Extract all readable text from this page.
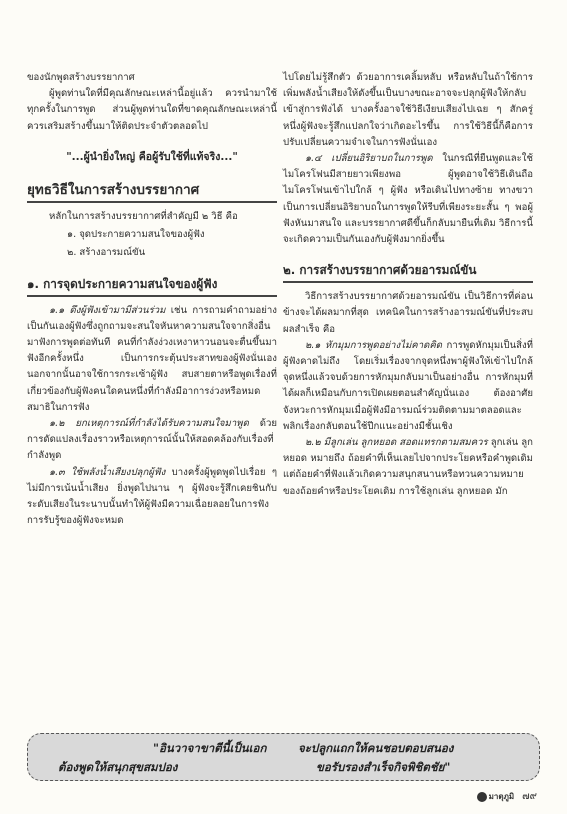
ของนักพูดสร้างบรรยากาศ

ผู้พูดท่านใดที่มีคุณลักษณะเหล่านี้อยู่แล้ว ควรนำมาใช้ทุกครั้งในการพูด ส่วนผู้พูดท่านใดที่ขาดคุณลักษณะเหล่านี้ควรเสริมสร้างขึ้นมาให้ติดประจำตัวตลอดไป

"...ผู้นำยิ่งใหญ่ คือผู้รับใช้ที่แท้จริง..."
ยุทธวิธีในการสร้างบรรยากาศ

หลักในการสร้างบรรยากาศที่สำคัญมี ๒ วิธี คือ

๑. จุดประกายความสนใจของผู้ฟัง
๒. สร้างอารมณ์ขัน
๑. การจุดประกายความสนใจของผู้ฟัง

๑.๑ ดึงผู้ฟังเข้ามามีส่วนร่วม เช่น การถามคำถามอย่างเป็นกันเองผู้ฟังซึ่งถูกถามจะสนใจหันหาความสนใจจากสิ่งอื่นมาฟังการพูดต่อทันที คนที่กำลังง่วงเหงาหาวนอนจะตื่นขึ้นมาฟังอีกครั้งหนึ่ง เป็นการกระตุ้นประสาทของผู้ฟังนั่นเอง นอกจากนั้นอาจใช้การกระเซ้าผู้ฟัง สบสายตาหรือพูดเรื่องที่เกี่ยวข้องกับผู้ฟังคนใดคนหนึ่งที่กำลังมีอาการง่วงหรือหมดสมาธิในการฟัง

๑.๒ ยกเหตุการณ์ที่กำลังได้รับความสนใจมาพูด ด้วยการดัดแปลงเรื่องราวหรือเหตุการณ์นั้นให้สอดคล้องกับเรื่องที่กำลังพูด

๑.๓ ใช้พลังน้ำเสียงปลุกผู้ฟัง บางครั้งผู้พูดพูดไปเรื่อย ๆ ไม่มีการเน้นน้ำเสียง ยิ่งพูดไปนาน ๆ ผู้ฟังจะรู้สึกเคยชินกับระดับเสียงในระนาบนั้นทำให้ผู้ฟังมีความเฉื่อยลอยในการฟัง การรับรู้ของผู้ฟังจะหมด

ไปโดยไม่รู้สึกตัว ด้วยอาการเคลิ้มหลับ หรือหลับในถ้าใช้การเพิ่มพลังน้ำเสียงให้ดังขึ้นเป็นบางขณะอาจจะปลุกผู้ฟังให้กลับเข้าสู่การฟังได้ บางครั้งอาจใช้วิธีเงียบเสียงไปเฉย ๆ สักครู่หนึ่งผู้ฟังจะรู้สึกแปลกใจว่าเกิดอะไรขึ้น การใช้วิธีนี้ก็คือการปรับเปลี่ยนความจำเจในการฟังนั่นเอง

๑.๔ เปลี่ยนอิริยาบถในการพูด ในกรณีที่ยืนพูดและใช้ไมโครโฟนมีสายยาวเพียงพอ ผู้พูดอาจใช้วิธีเดินถือไมโครโฟนเข้าไปใกล้ ๆ ผู้ฟัง หรือเดินไปทางซ้าย ทางขวา เป็นการเปลี่ยนอิริยาบถในการพูดให้รีบที่เพียงระยะสั้น ๆ พอผู้ฟังหันมาสนใจ และบรรยากาศดีขึ้นก็กลับมายืนที่เดิม วิธีการนี้จะเกิดความเป็นกันเองกับผู้ฟังมากยิ่งขึ้น

๒. การสร้างบรรยากาศด้วยอารมณ์ขัน

วิธีการสร้างบรรยากาศด้วยอารมณ์ขัน เป็นวิธีการที่ค่อนข้างจะได้ผลมากที่สุด เทคนิคในการสร้างอารมณ์ขันที่ประสบผลสำเร็จ คือ

๒.๑ หักมุมการพูดอย่างไม่คาดคิด การพูดหักมุมเป็นสิ่งที่ผู้ฟังคาดไม่ถึง โดยเริ่มเรื่องจากจุดหนึ่งพาผู้ฟังให้เข้าไปใกล้จุดหนึ่งแล้วจบด้วยการหักมุมกลับมาเป็นอย่างอื่น การหักมุมที่ได้ผลก็เหมือนกับการเปิดเผยตอนสำคัญนั่นเอง ต้องอาศัยจังหวะการหักมุมเมื่อผู้ฟังมีอารมณ์ร่วมติดตามมาตลอดและพลิกเรื่องกลับตอนใช้ปีกแนะอย่างมีชั้นเชิง

๒.๒ มีลูกเล่น ลูกหยอด สอดแทรกตามสมควร ลูกเล่น ลูกหยอด หมายถึง ถ้อยคำที่เห็นเลยไปจากประโยคหรือคำพูดเดิม แต่ถ้อยคำที่ฟังแล้วเกิดความสนุกสนานหรือทวนความหมายของถ้อยคำหรือประโยคเดิม การใช้ลูกเล่น ลูกหยอด มัก

"อินวาจาขาตีนี้เป็นเอก	จะปลูกแถกให้คนชอบตอบสนอง
ต้องพูดให้สนุกสุขสมปอง	ขอรับรองสำเร็จกิจพิชิตชัย"
มาตุภูมิ ๗๙
